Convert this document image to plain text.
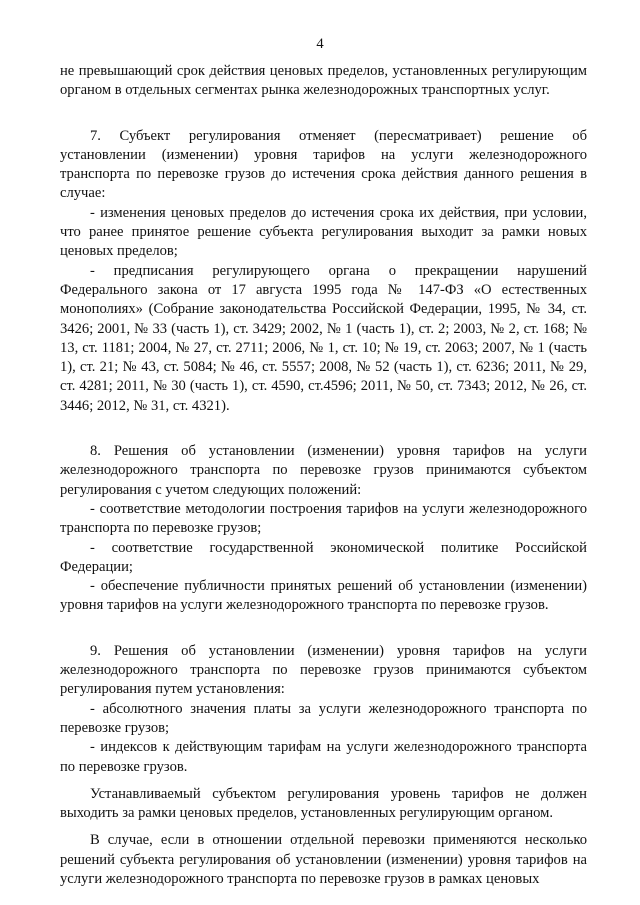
4

не превышающий срок действия ценовых пределов, установленных регулирующим органом в отдельных сегментах рынка железнодорожных транспортных услуг.

7. Субъект регулирования отменяет (пересматривает) решение об установлении (изменении) уровня тарифов на услуги железнодорожного транспорта по перевозке грузов до истечения срока действия данного решения в случае:

- изменения ценовых пределов до истечения срока их действия, при условии, что ранее принятое решение субъекта регулирования выходит за рамки новых ценовых пределов;

- предписания регулирующего органа о прекращении нарушений Федерального закона от 17 августа 1995 года № 147-ФЗ «О естественных монополиях» (Собрание законодательства Российской Федерации, 1995, № 34, ст. 3426; 2001, № 33 (часть 1), ст. 3429; 2002, № 1 (часть 1), ст. 2; 2003, № 2, ст. 168; № 13, ст. 1181; 2004, № 27, ст. 2711; 2006, № 1, ст. 10; № 19, ст. 2063; 2007, № 1 (часть 1), ст. 21; № 43, ст. 5084; № 46, ст. 5557; 2008, № 52 (часть 1), ст. 6236; 2011, № 29, ст. 4281; 2011, № 30 (часть 1), ст. 4590, ст.4596; 2011, № 50, ст. 7343; 2012, № 26, ст. 3446; 2012, № 31, ст. 4321).

8. Решения об установлении (изменении) уровня тарифов на услуги железнодорожного транспорта по перевозке грузов принимаются субъектом регулирования с учетом следующих положений:

- соответствие методологии построения тарифов на услуги железнодорожного транспорта по перевозке грузов;

- соответствие государственной экономической политике Российской Федерации;

- обеспечение публичности принятых решений об установлении (изменении) уровня тарифов на услуги железнодорожного транспорта по перевозке грузов.

9. Решения об установлении (изменении) уровня тарифов на услуги железнодорожного транспорта по перевозке грузов принимаются субъектом регулирования путем установления:

- абсолютного значения платы за услуги железнодорожного транспорта по перевозке грузов;

- индексов к действующим тарифам на услуги железнодорожного транспорта по перевозке грузов.

Устанавливаемый субъектом регулирования уровень тарифов не должен выходить за рамки ценовых пределов, установленных регулирующим органом.

В случае, если в отношении отдельной перевозки применяются несколько решений субъекта регулирования об установлении (изменении) уровня тарифов на услуги железнодорожного транспорта по перевозке грузов в рамках ценовых
